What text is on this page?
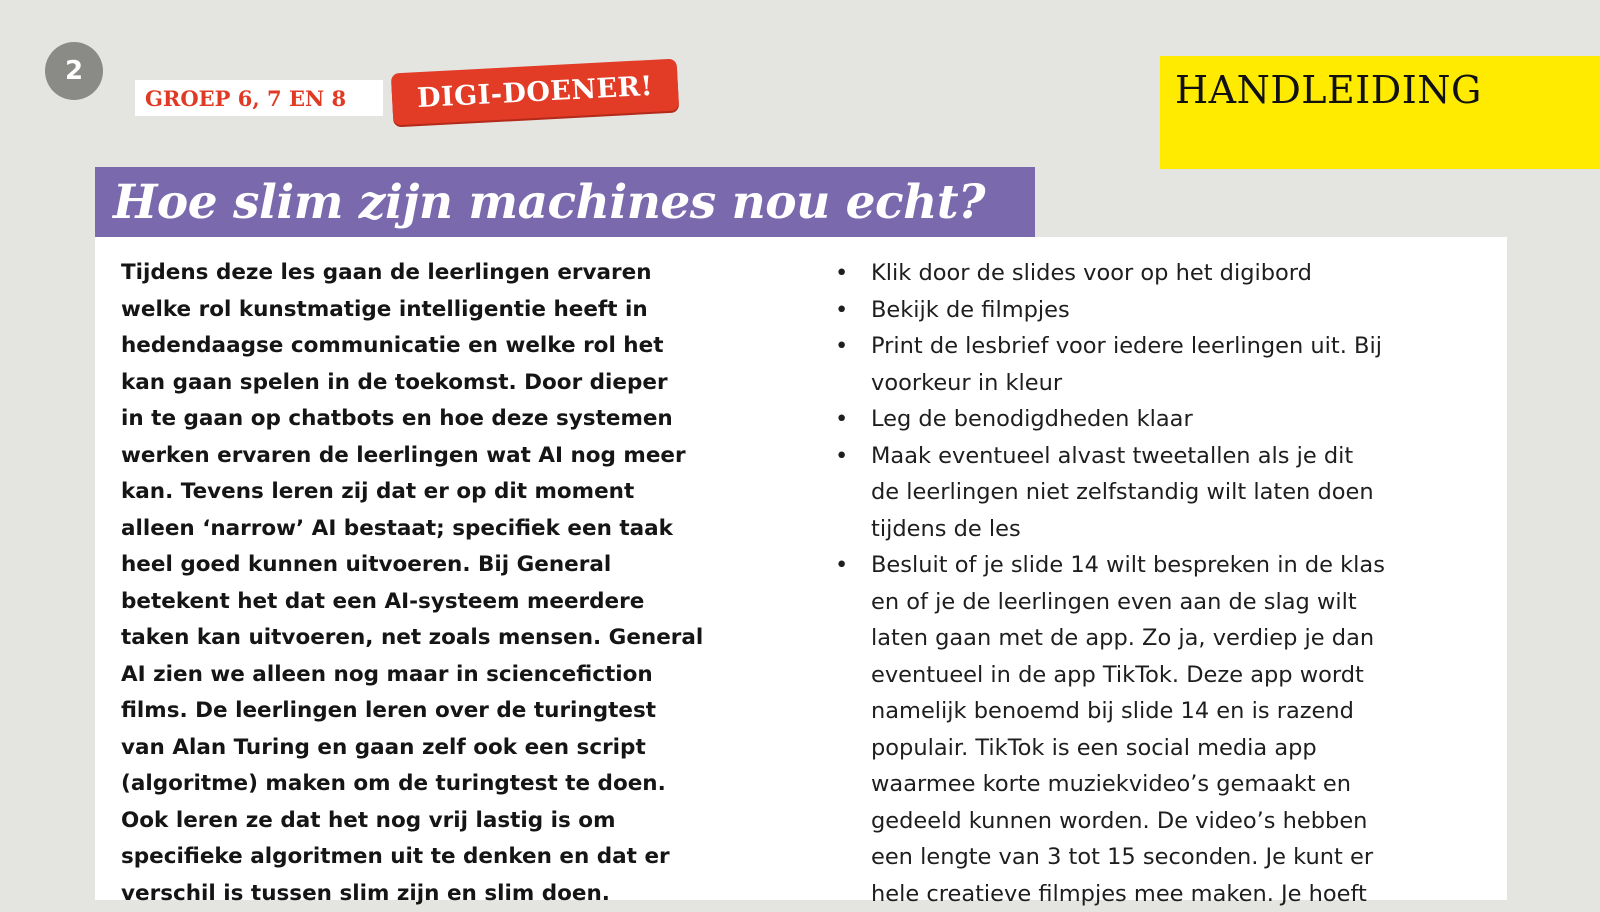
2
GROEP 6, 7 EN 8	DIGI-DOENER!	HANDLEIDING
Hoe slim zijn machines nou echt?
Tijdens deze les gaan de leerlingen ervaren
welke rol kunstmatige intelligentie heeft in
hedendaagse communicatie en welke rol het
kan gaan spelen in de toekomst. Door dieper
in te gaan op chatbots en hoe deze systemen
werken ervaren de leerlingen wat AI nog meer
kan. Tevens leren zij dat er op dit moment
alleen ‘narrow’ AI bestaat; specifiek een taak
heel goed kunnen uitvoeren. Bij General
betekent het dat een AI-systeem meerdere
taken kan uitvoeren, net zoals mensen. General
AI zien we alleen nog maar in sciencefiction
films. De leerlingen leren over de turingtest
van Alan Turing en gaan zelf ook een script
(algoritme) maken om de turingtest te doen.
Ook leren ze dat het nog vrij lastig is om
specifieke algoritmen uit te denken en dat er
verschil is tussen slim zijn en slim doen.
• Klik door de slides voor op het digibord
• Bekijk de filmpjes
• Print de lesbrief voor iedere leerlingen uit. Bij
voorkeur in kleur
• Leg de benodigdheden klaar
• Maak eventueel alvast tweetallen als je dit
de leerlingen niet zelfstandig wilt laten doen
tijdens de les
• Besluit of je slide 14 wilt bespreken in de klas
en of je de leerlingen even aan de slag wilt
laten gaan met de app. Zo ja, verdiep je dan
eventueel in de app TikTok. Deze app wordt
namelijk benoemd bij slide 14 en is razend
populair. TikTok is een social media app
waarmee korte muziekvideo’s gemaakt en
gedeeld kunnen worden. De video’s hebben
een lengte van 3 tot 15 seconden. Je kunt er
hele creatieve filmpjes mee maken. Je hoeft
